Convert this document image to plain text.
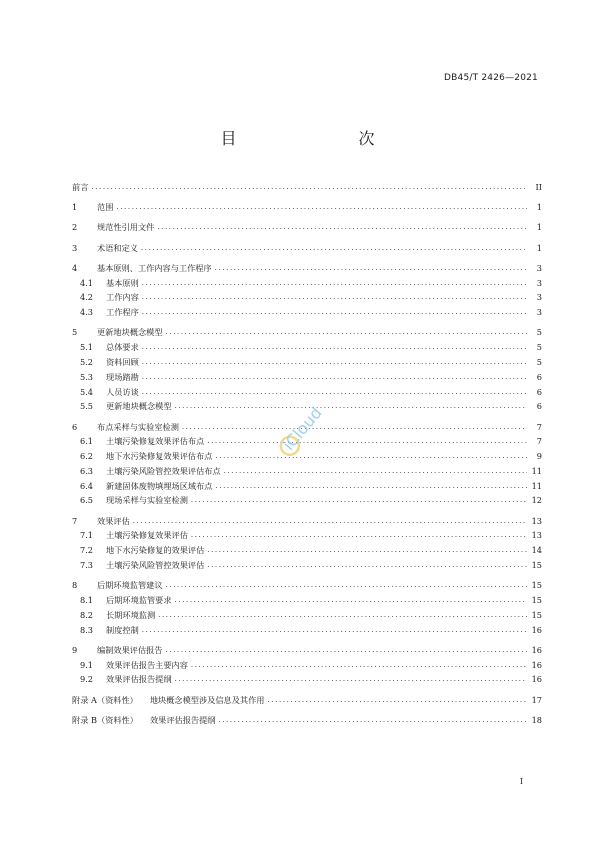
DB45/T 2426—2021
目　　次
前言 .....	II
1	范围 .....	1
2	规范性引用文件 .....	1
3	术语和定义 .....	1
4	基本原则、工作内容与工作程序 .....	3
4.1	基本原则 .....	3
4.2	工作内容 .....	3
4.3	工作程序 .....	3
5	更新地块概念模型 .....	5
5.1	总体要求 .....	5
5.2	资料回顾 .....	5
5.3	现场踏勘 .....	6
5.4	人员访谈 .....	6
5.5	更新地块概念模型 .....	6
6	布点采样与实验室检测 .....	7
6.1	土壤污染修复效果评估布点 .....	7
6.2	地下水污染修复效果评估布点 .....	9
6.3	土壤污染风险管控效果评估布点 .....	11
6.4	新建固体废物填埋场区域布点 .....	11
6.5	现场采样与实验室检测 .....	12
7	效果评估 .....	13
7.1	土壤污染修复效果评估 .....	13
7.2	地下水污染修复的效果评估 .....	14
7.3	土壤污染风险管控效果评估 .....	15
8	后期环境监管建议 .....	15
8.1	后期环境监管要求 .....	15
8.2	长期环境监测 .....	15
8.3	制度控制 .....	16
9	编制效果评估报告 .....	16
9.1	效果评估报告主要内容 .....	16
9.2	效果评估报告提纲 .....	16
附录 A（资料性） 地块概念模型涉及信息及其作用 .....	17
附录 B（资料性） 效果评估报告提纲 .....	18
iCloud
I
